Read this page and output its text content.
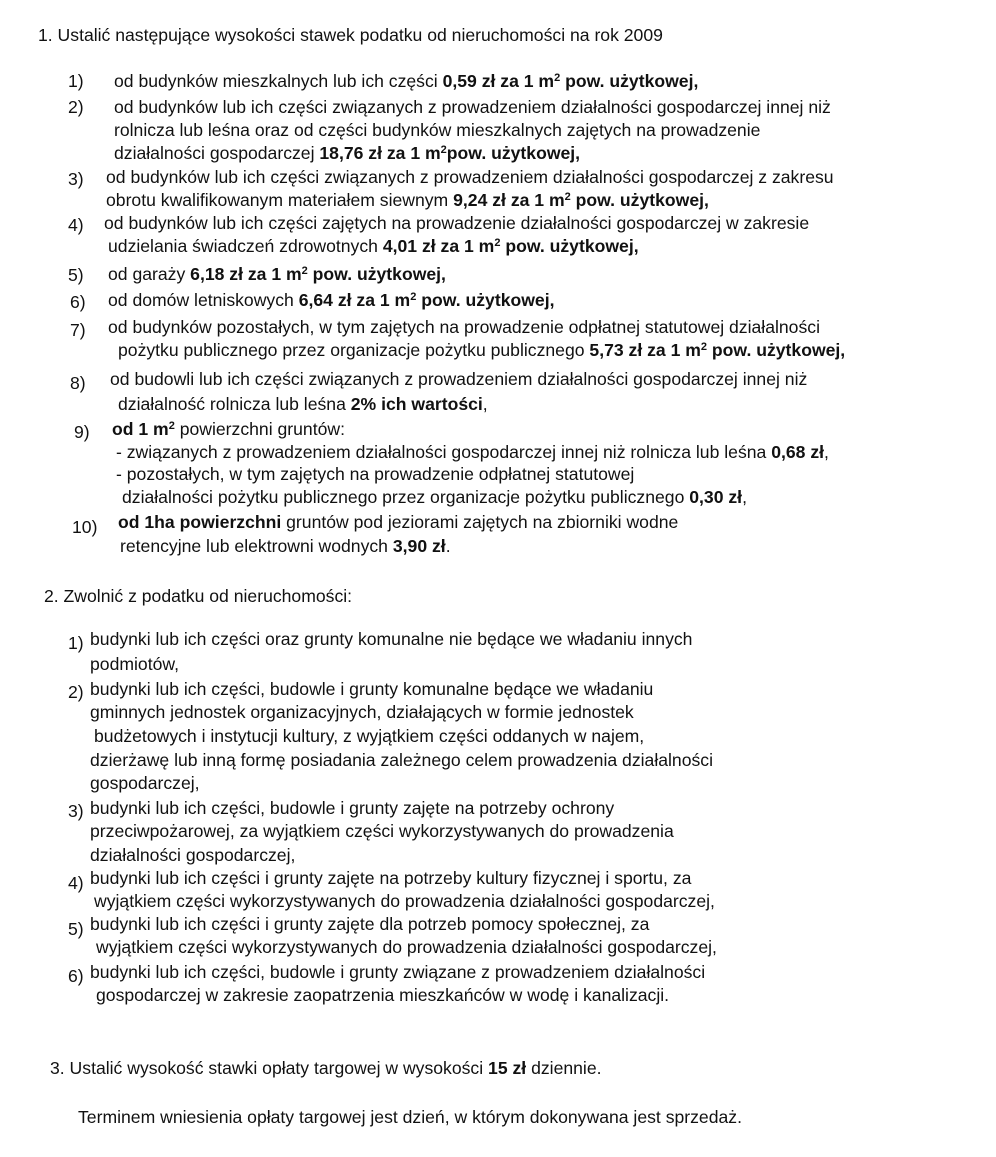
1. Ustalić następujące wysokości stawek podatku od nieruchomości na rok 2009
1) od budynków mieszkalnych lub ich części 0,59 zł za 1 $m^2$ pow. użytkowej,
2) od budynków lub ich części związanych z prowadzeniem działalności gospodarczej innej niż
rolnicza lub leśna oraz od części budynków mieszkalnych zajętych na prowadzenie
działalności gospodarczej 18,76 zł za 1 $m^2pow$. użytkowej,
3) od budynków lub ich części związanych z prowadzeniem działalności gospodarczej z zakresu
obrotu kwalifikowanym materiałem siewnym 9,24 zł za 1 $m^2$ pow. użytkowej,
4) od budynków lub ich części zajętych na prowadzenie działalności gospodarczej w zakresie
udzielania świadczeń zdrowotnych 4,01 zł za 1 $m^2$ pow. użytkowej,
5) od garaży 6,18 zł za 1 $m^2$ pow. użytkowej,
6) od domów letniskowych 6,64 zł za 1 $m^2$ pow. użytkowej,
7) od budynków pozostałych, w tym zajętych na prowadzenie odpłatnej statutowej działalności
pożytku publicznego przez organizacje pożytku publicznego 5,73 zł za 1 $m^2$ pow. użytkowej,
8) od budowli lub ich części związanych z prowadzeniem działalności gospodarczej innej niż
działalność rolnicza lub leśna 2% ich wartości,
9) od 1 $m^2$ powierzchni gruntów:
- związanych z prowadzeniem działalności gospodarczej innej niż rolnicza lub leśna 0,68 zł,
- pozostałych, w tym zajętych na prowadzenie odpłatnej statutowej
działalności pożytku publicznego przez organizacje pożytku publicznego 0,30 zł,
10) od 1ha powierzchni gruntów pod jeziorami zajętych na zbiorniki wodne
retencyjne lub elektrowni wodnych 3,90 zł.
2. Zwolnić z podatku od nieruchomości:
1) budynki lub ich części oraz grunty komunalne nie będące we władaniu innych
podmiotów,
2) budynki lub ich części, budowle i grunty komunalne będące we władaniu
gminnych jednostek organizacyjnych, działających w formie jednostek
budżetowych i instytucji kultury, z wyjątkiem części oddanych w najem,
dzierżawę lub inną formę posiadania zależnego celem prowadzenia działalności
gospodarczej,
3) budynki lub ich części, budowle i grunty zajęte na potrzeby ochrony
przeciwpożarowej, za wyjątkiem części wykorzystywanych do prowadzenia
działalności gospodarczej,
4) budynki lub ich części i grunty zajęte na potrzeby kultury fizycznej i sportu, za
wyjątkiem części wykorzystywanych do prowadzenia działalności gospodarczej,
5) budynki lub ich części i grunty zajęte dla potrzeb pomocy społecznej, za
wyjątkiem części wykorzystywanych do prowadzenia działalności gospodarczej,
6) budynki lub ich części, budowle i grunty związane z prowadzeniem działalności
gospodarczej w zakresie zaopatrzenia mieszkańców w wodę i kanalizacji.
3. Ustalić wysokość stawki opłaty targowej w wysokości 15 zł dziennie.
Terminem wniesienia opłaty targowej jest dzień, w którym dokonywana jest sprzedaż.
